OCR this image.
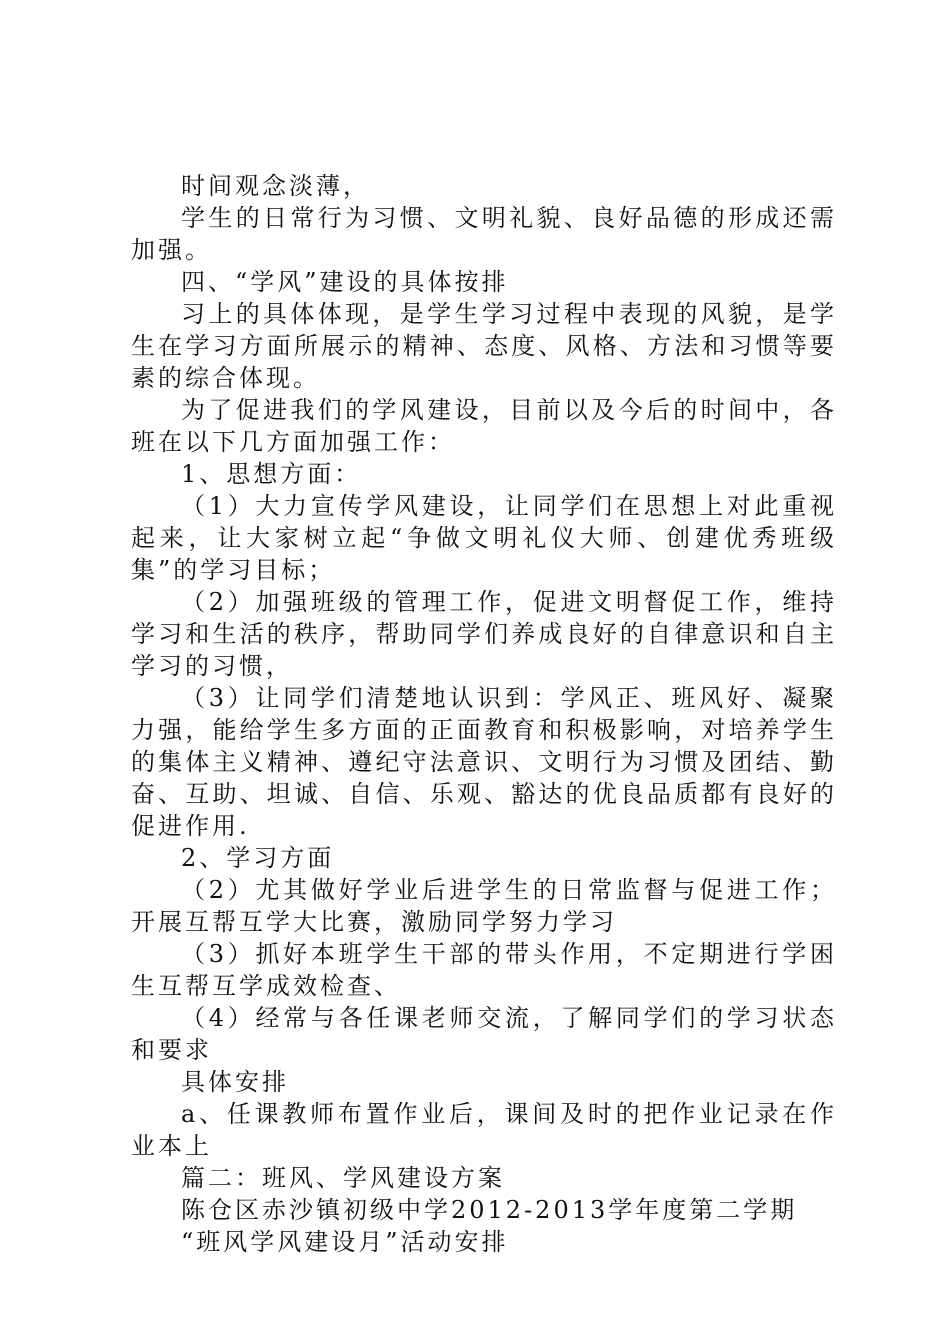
时间观念淡薄，

学生的日常行为习惯、文明礼貌、良好品德的形成还需加强。

四、“学风”建设的具体按排

习上的具体体现，是学生学习过程中表现的风貌，是学生在学习方面所展示的精神、态度、风格、方法和习惯等要素的综合体现。

为了促进我们的学风建设，目前以及今后的时间中，各班在以下几方面加强工作：

1、思想方面：

（1）大力宣传学风建设，让同学们在思想上对此重视起来，让大家树立起“争做文明礼仪大师、创建优秀班级集”的学习目标；

（2）加强班级的管理工作，促进文明督促工作，维持学习和生活的秩序，帮助同学们养成良好的自律意识和自主学习的习惯，

（3）让同学们清楚地认识到：学风正、班风好、凝聚力强，能给学生多方面的正面教育和积极影响，对培养学生的集体主义精神、遵纪守法意识、文明行为习惯及团结、勤奋、互助、坦诚、自信、乐观、豁达的优良品质都有良好的促进作用.

2、学习方面

（2）尤其做好学业后进学生的日常监督与促进工作；开展互帮互学大比赛，激励同学努力学习

（3）抓好本班学生干部的带头作用，不定期进行学困生互帮互学成效检查、

（4）经常与各任课老师交流，了解同学们的学习状态和要求

具体安排

a、任课教师布置作业后，课间及时的把作业记录在作业本上

篇二：班风、学风建设方案

陈仓区赤沙镇初级中学2012-2013学年度第二学期

“班风学风建设月”活动安排
